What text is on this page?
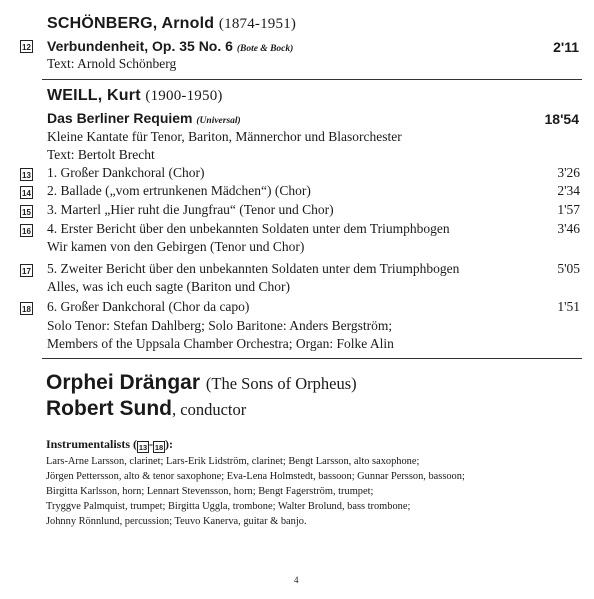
SCHÖNBERG, Arnold (1874-1951)
12 Verbundenheit, Op. 35 No. 6 (Bote & Bock)	2'11
Text: Arnold Schönberg
WEILL, Kurt (1900-1950)
Das Berliner Requiem (Universal)	18'54
Kleine Kantate für Tenor, Bariton, Männerchor und Blasorchester
Text: Bertolt Brecht
13 1. Großer Dankchoral (Chor)	3'26
14 2. Ballade („vom ertrunkenen Mädchen“) (Chor)	2'34
15 3. Marterl „Hier ruht die Jungfrau“ (Tenor und Chor)	1'57
16 4. Erster Bericht über den unbekannten Soldaten unter dem Triumphbogen	3'46
Wir kamen von den Gebirgen (Tenor und Chor)
17 5. Zweiter Bericht über den unbekannten Soldaten unter dem Triumphbogen	5'05
Alles, was ich euch sagte (Bariton und Chor)
18 6. Großer Dankchoral (Chor da capo)	1'51
Solo Tenor: Stefan Dahlberg; Solo Baritone: Anders Bergström;
Members of the Uppsala Chamber Orchestra; Organ: Folke Alin
Orphei Drängar (The Sons of Orpheus)
Robert Sund, conductor
Instrumentalists ( 13 - 18 ):
Lars-Arne Larsson, clarinet; Lars-Erik Lidström, clarinet; Bengt Larsson, alto saxophone;
Jörgen Pettersson, alto & tenor saxophone; Eva-Lena Holmstedt, bassoon; Gunnar Persson, bassoon;
Birgitta Karlsson, horn; Lennart Stevensson, horn; Bengt Fagerström, trumpet;
Tryggve Palmquist, trumpet; Birgitta Uggla, trombone; Walter Brolund, bass trombone;
Johnny Rönnlund, percussion; Teuvo Kanerva, guitar & banjo.
4
